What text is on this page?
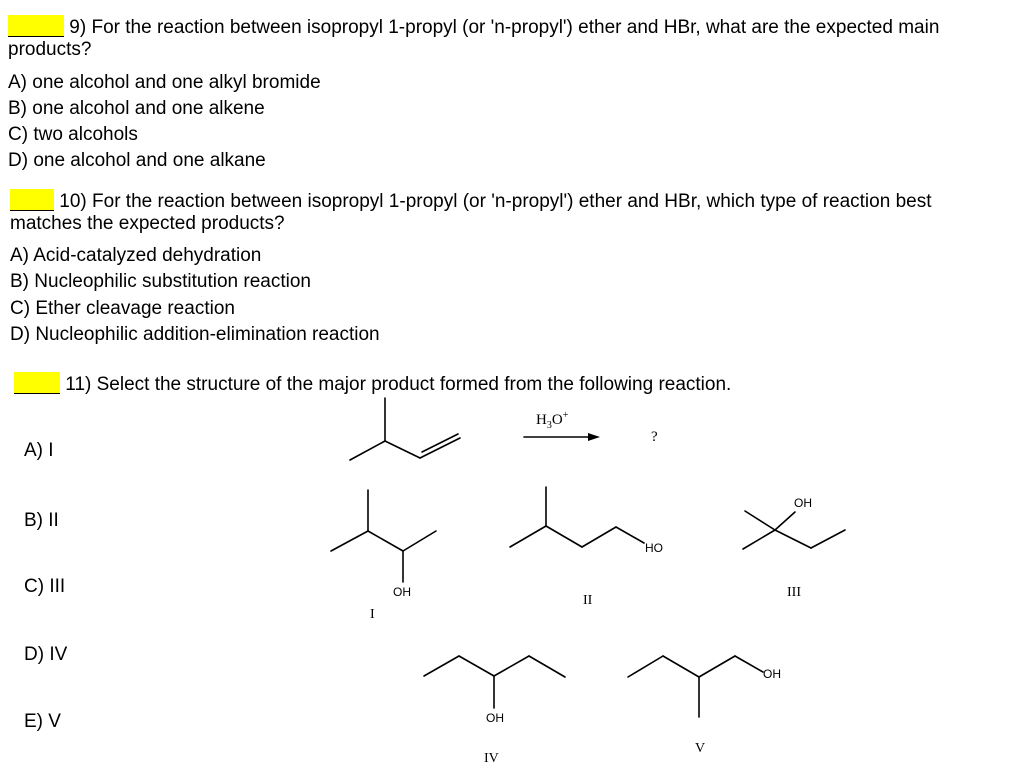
9) For the reaction between isopropyl 1-propyl (or 'n-propyl') ether and HBr, what are the expected main
products?
A) one alcohol and one alkyl bromide
B) one alcohol and one alkene
C) two alcohols
D) one alcohol and one alkane
10) For the reaction between isopropyl 1-propyl (or 'n-propyl') ether and HBr, which type of reaction best
matches the expected products?
A) Acid-catalyzed dehydration
B) Nucleophilic substitution reaction
C) Ether cleavage reaction
D) Nucleophilic addition-elimination reaction
11) Select the structure of the major product formed from the following reaction.
A) I
B) II
C) III
D) IV
E) V
$H_3O^+$
?
OH
HO
OH
OH
OH
I
II
III
IV
V
